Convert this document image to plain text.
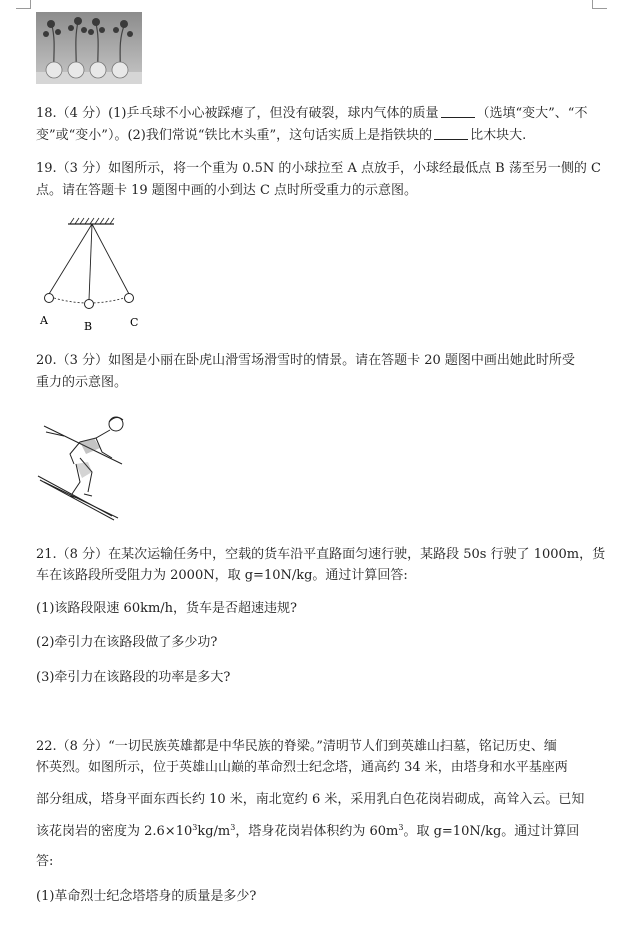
18.（4 分）(1)乒乓球不小心被踩瘪了，但没有破裂，球内气体的质量	（选填“变大”、“不
变”或“变小”）。(2)我们常说“铁比木头重”，这句话实质上是指铁块的	比木块大.
19.（3 分）如图所示，将一个重为 0.5N 的小球拉至 A 点放手，小球经最低点 B 荡至另一侧的 C
点。请在答题卡 19 题图中画的小到达 C 点时所受重力的示意图。
A	B	C
20.（3 分）如图是小丽在卧虎山滑雪场滑雪时的情景。请在答题卡 20 题图中画出她此时所受
重力的示意图。
21.（8 分）在某次运输任务中，空载的货车沿平直路面匀速行驶，某路段 50s 行驶了 1000m，货
车在该路段所受阻力为 2000N，取 g=10N/kg。通过计算回答:
(1)该路段限速 60km/h，货车是否超速违规?
(2)牵引力在该路段做了多少功?
(3)牵引力在该路段的功率是多大?
22.（8 分）“一切民族英雄都是中华民族的脊梁。”清明节人们到英雄山扫墓，铭记历史、缅
怀英烈。如图所示，位于英雄山山巅的革命烈士纪念塔，通高约 34 米，由塔身和水平基座两
部分组成，塔身平面东西长约 10 米，南北宽约 6 米，采用乳白色花岗岩砌成，高耸入云。已知
该花岗岩的密度为 $2.6\times 10^3kg/m^3$，塔身花岗岩体积约为 $60m^3$。取 g=10N/kg。通过计算回
答:
(1)革命烈士纪念塔塔身的质量是多少?
